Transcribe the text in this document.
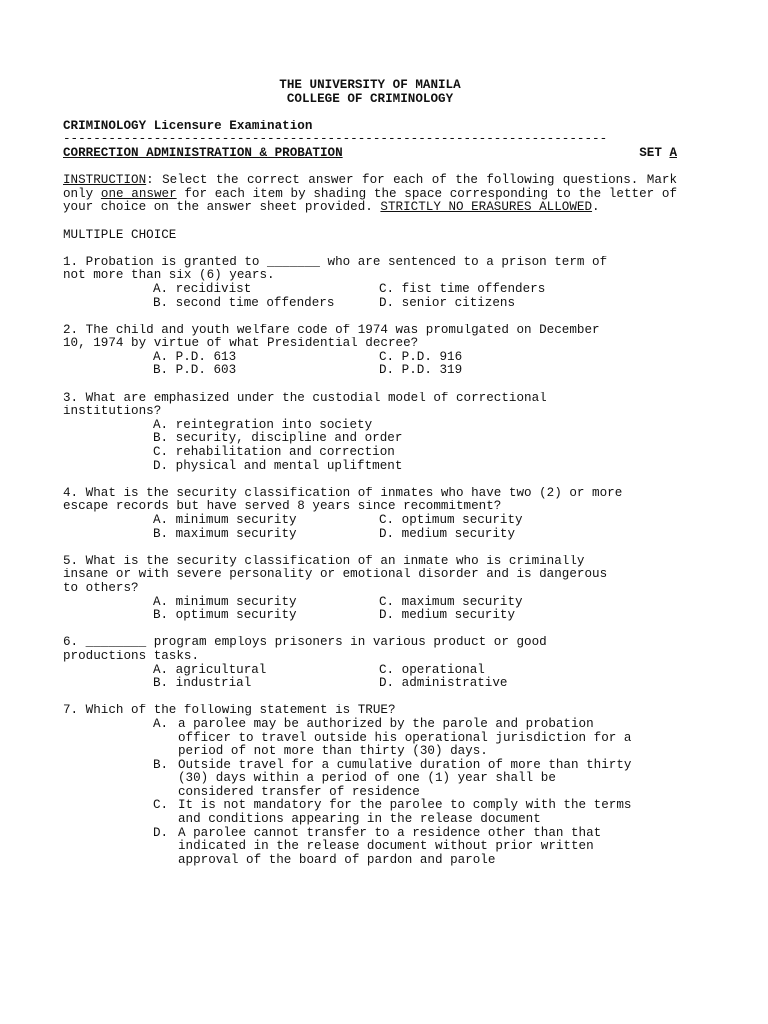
THE UNIVERSITY OF MANILA
COLLEGE OF CRIMINOLOGY
CRIMINOLOGY Licensure Examination
------------------------------------------------------------------------
CORRECTION ADMINISTRATION & PROBATION	SET A
INSTRUCTION: Select the correct answer for each of the following questions. Mark only one answer for each item by shading the space corresponding to the letter of your choice on the answer sheet provided. STRICTLY NO ERASURES ALLOWED.
MULTIPLE CHOICE
1. Probation is granted to _______ who are sentenced to a prison term of
not more than six (6) years.
A. recidivist	C. fist time offenders
B. second time offenders	D. senior citizens
2. The child and youth welfare code of 1974 was promulgated on December
10, 1974 by virtue of what Presidential decree?
A. P.D. 613	C. P.D. 916
B. P.D. 603	D. P.D. 319
3. What are emphasized under the custodial model of correctional
institutions?
A. reintegration into society
B. security, discipline and order
C. rehabilitation and correction
D. physical and mental upliftment
4. What is the security classification of inmates who have two (2) or more
escape records but have served 8 years since recommitment?
A. minimum security	C. optimum security
B. maximum security	D. medium security
5. What is the security classification of an inmate who is criminally
insane or with severe personality or emotional disorder and is dangerous
to others?
A. minimum security	C. maximum security
B. optimum security	D. medium security
6. ________ program employs prisoners in various product or good
productions tasks.
A. agricultural	C. operational
B. industrial	D. administrative
7. Which of the following statement is TRUE?
A. a parolee may be authorized by the parole and probation
officer to travel outside his operational jurisdiction for a
period of not more than thirty (30) days.
B. Outside travel for a cumulative duration of more than thirty
(30) days within a period of one (1) year shall be
considered transfer of residence
C. It is not mandatory for the parolee to comply with the terms
and conditions appearing in the release document
D. A parolee cannot transfer to a residence other than that
indicated in the release document without prior written
approval of the board of pardon and parole
